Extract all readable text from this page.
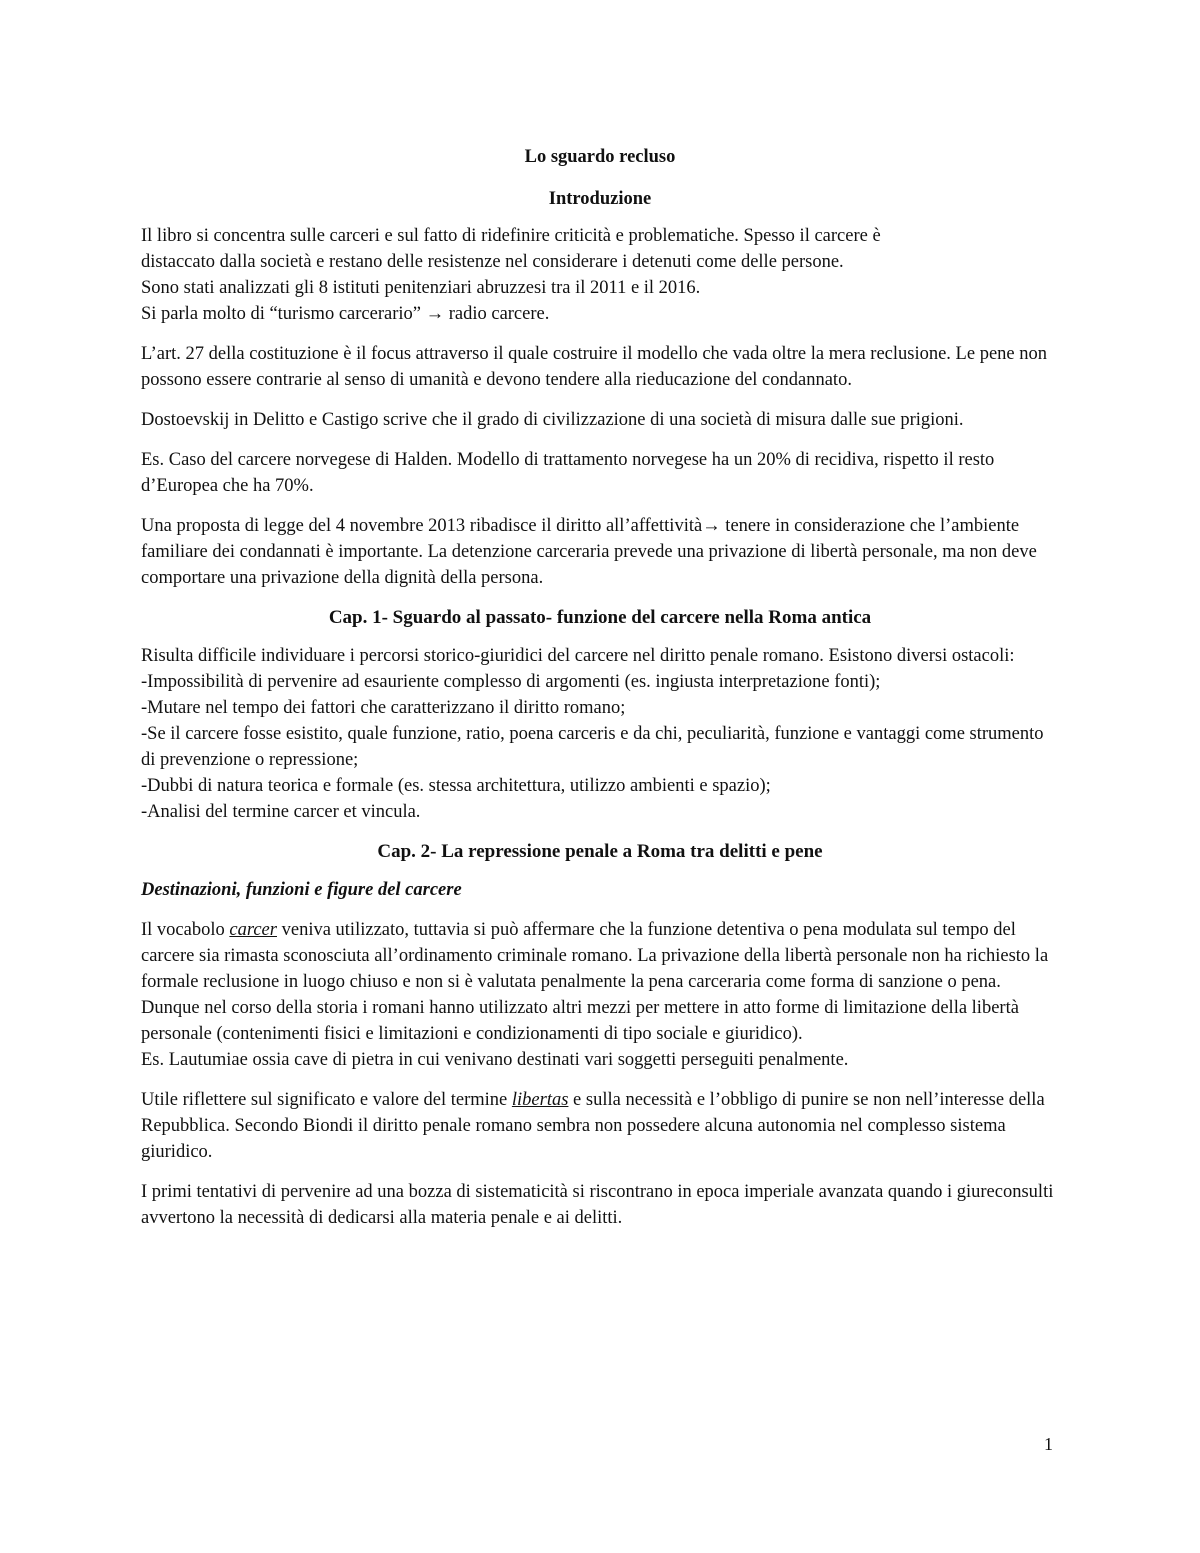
Lo sguardo recluso
Introduzione

Il libro si concentra sulle carceri e sul fatto di ridefinire criticità e problematiche. Spesso il carcere è
distaccato dalla società e restano delle resistenze nel considerare i detenuti come delle persone.
Sono stati analizzati gli 8 istituti penitenziari abruzzesi tra il 2011 e il 2016.
Si parla molto di “turismo carcerario” → radio carcere.

L’art. 27 della costituzione è il focus attraverso il quale costruire il modello che vada oltre la mera reclusione. Le pene non possono essere contrarie al senso di umanità e devono tendere alla rieducazione del condannato.

Dostoevskij in Delitto e Castigo scrive che il grado di civilizzazione di una società di misura dalle sue prigioni.

Es. Caso del carcere norvegese di Halden. Modello di trattamento norvegese ha un 20% di recidiva, rispetto il resto d’Europea che ha 70%.

Una proposta di legge del 4 novembre 2013 ribadisce il diritto all’affettività→ tenere in considerazione che l’ambiente familiare dei condannati è importante. La detenzione carceraria prevede una privazione di libertà personale, ma non deve comportare una privazione della dignità della persona.

Cap. 1- Sguardo al passato- funzione del carcere nella Roma antica

Risulta difficile individuare i percorsi storico-giuridici del carcere nel diritto penale romano. Esistono diversi ostacoli:
-Impossibilità di pervenire ad esauriente complesso di argomenti (es. ingiusta interpretazione fonti);
-Mutare nel tempo dei fattori che caratterizzano il diritto romano;
-Se il carcere fosse esistito, quale funzione, ratio, poena carceris e da chi, peculiarità, funzione e vantaggi come strumento di prevenzione o repressione;
-Dubbi di natura teorica e formale (es. stessa architettura, utilizzo ambienti e spazio);
-Analisi del termine carcer et vincula.

Cap. 2- La repressione penale a Roma tra delitti e pene
Destinazioni, funzioni e figure del carcere

Il vocabolo carcer veniva utilizzato, tuttavia si può affermare che la funzione detentiva o pena modulata sul tempo del carcere sia rimasta sconosciuta all’ordinamento criminale romano. La privazione della libertà personale non ha richiesto la formale reclusione in luogo chiuso e non si è valutata penalmente la pena carceraria come forma di sanzione o pena.
Dunque nel corso della storia i romani hanno utilizzato altri mezzi per mettere in atto forme di limitazione della libertà personale (contenimenti fisici e limitazioni e condizionamenti di tipo sociale e giuridico).
Es. Lautumiae ossia cave di pietra in cui venivano destinati vari soggetti perseguiti penalmente.

Utile riflettere sul significato e valore del termine libertas e sulla necessità e l’obbligo di punire se non nell’interesse della Repubblica. Secondo Biondi il diritto penale romano sembra non possedere alcuna autonomia nel complesso sistema giuridico.

I primi tentativi di pervenire ad una bozza di sistematicità si riscontrano in epoca imperiale avanzata quando i giureconsulti avvertono la necessità di dedicarsi alla materia penale e ai delitti.

1
